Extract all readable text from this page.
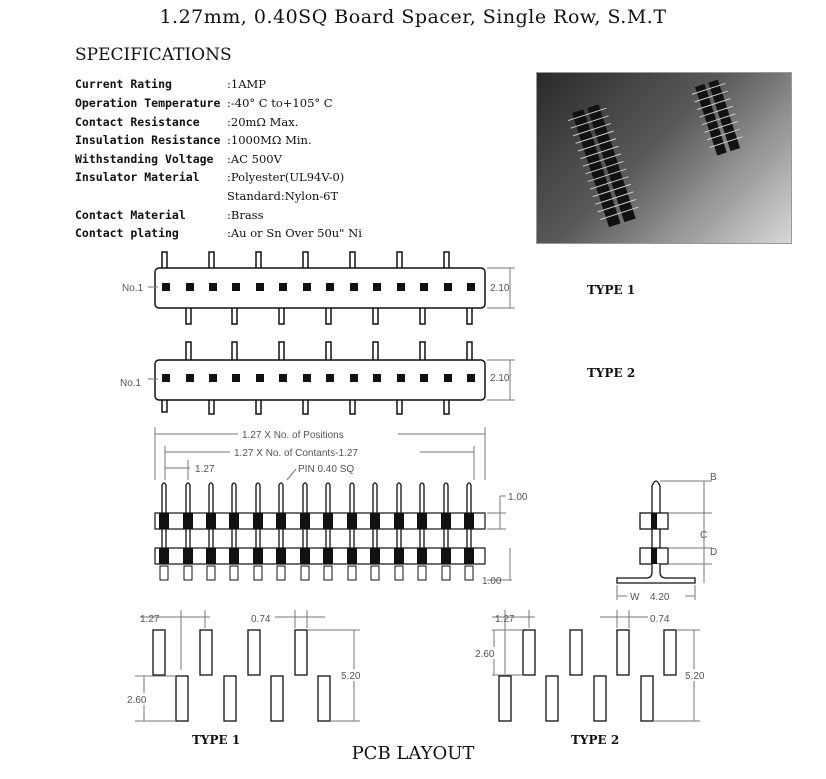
1.27mm, 0.40SQ Board Spacer, Single Row, S.M.T
SPECIFICATIONS
Current Rating	:1AMP
Operation Temperature :-40° C to+105° C
Contact Resistance :20mΩ Max.
Insulation Resistance :1000MΩ Min.
Withstanding Voltage :AC 500V
Insulator Material :Polyester(UL94V-0)
Standard:Nylon-6T
Contact Material	:Brass
Contact plating	:Au or Sn Over 50u" Ni
No.1	2.10
No.1	2.10
1.27 X No. of Positions
1.27 X No. of Contants-1.27
1.27	PIN 0.40 SQ
1.00
1.00
B
C
D
W 4.20
1.27	0.74
5.20
2.60
1.27	0.74
5.20
2.60
TYPE 1
TYPE 2
TYPE 1	TYPE 2
PCB LAYOUT
